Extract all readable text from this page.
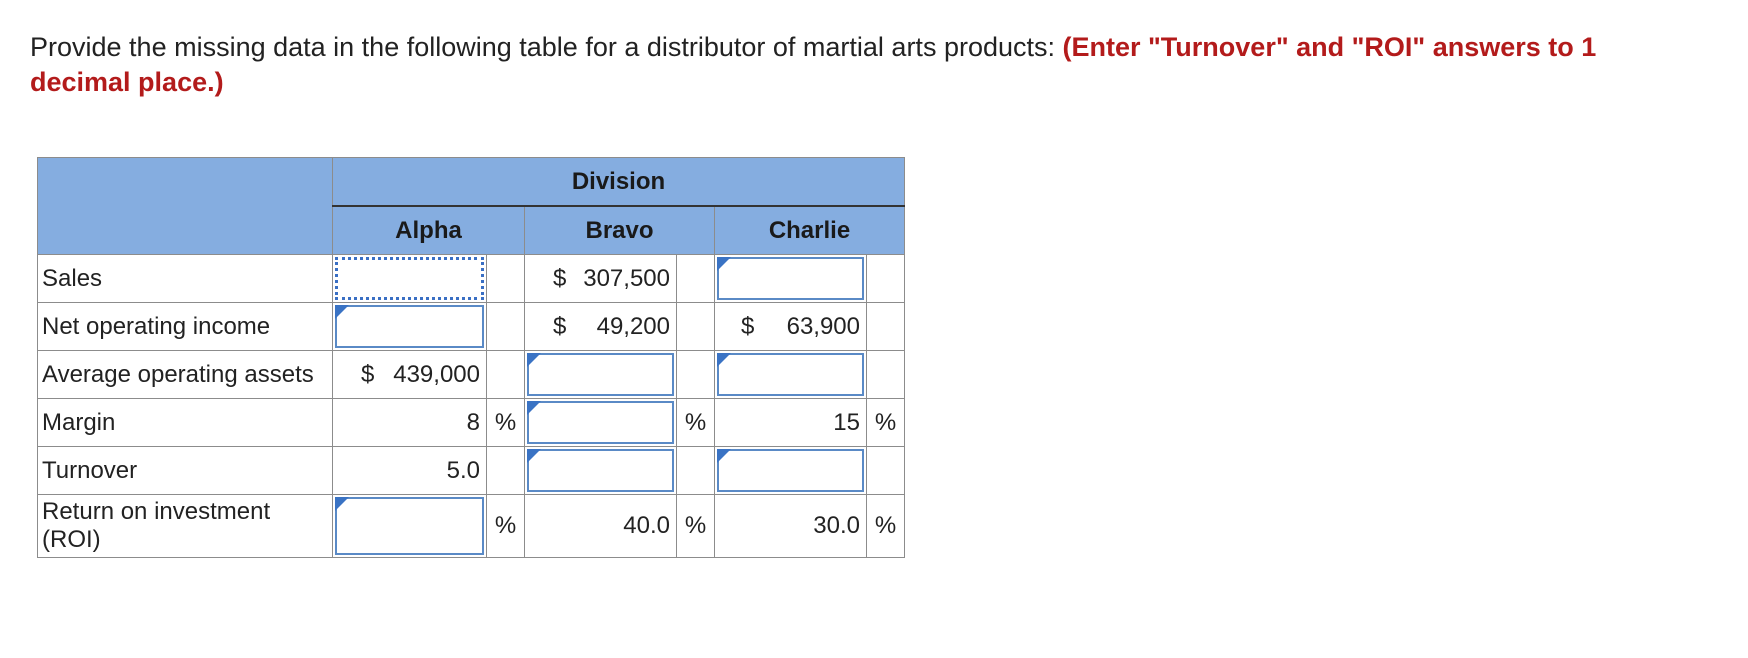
Provide the missing data in the following table for a distributor of martial arts products: (Enter "Turnover" and "ROI" answers to 1 decimal place.)
	Division					
	Alpha		Bravo		Charlie	
Sales			$ 307,500			

Net operating income			$ 49,200		$ 63,900	

Average operating assets	$ 439,000					

Margin	8	%		%	15	%
Turnover	5.0		

Return on investment (ROI)		%	40.0	%	30.0	%
